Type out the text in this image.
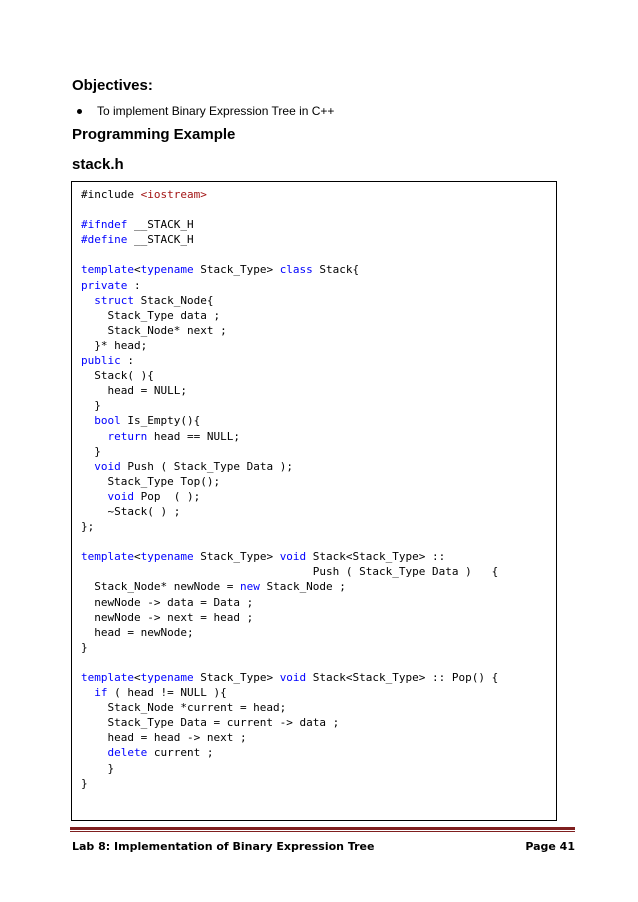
Objectives:
To implement Binary Expression Tree in C++
Programming Example
stack.h
#include <iostream>
#ifndef __STACK_H
#define __STACK_H
template<typename Stack_Type> class Stack{
private :
struct Stack_Node{
Stack_Type data ;
Stack_Node* next ;
}* head;
public :
Stack( ){
head = NULL;
}
bool Is_Empty(){
return head == NULL;
}
void Push ( Stack_Type Data );
Stack_Type Top();
void Pop  ( );
~Stack( ) ;
};
template<typename Stack_Type> void Stack<Stack_Type> ::
Push ( Stack_Type Data )   {
Stack_Node* newNode = new Stack_Node ;
newNode -> data = Data ;
newNode -> next = head ;
head = newNode;
}
template<typename Stack_Type> void Stack<Stack_Type> :: Pop() {
if ( head != NULL ){
Stack_Node *current = head;
Stack_Type Data = current -> data ;
head = head -> next ;
delete current ;
}
}
Lab 8: Implementation of Binary Expression Tree	Page 41
